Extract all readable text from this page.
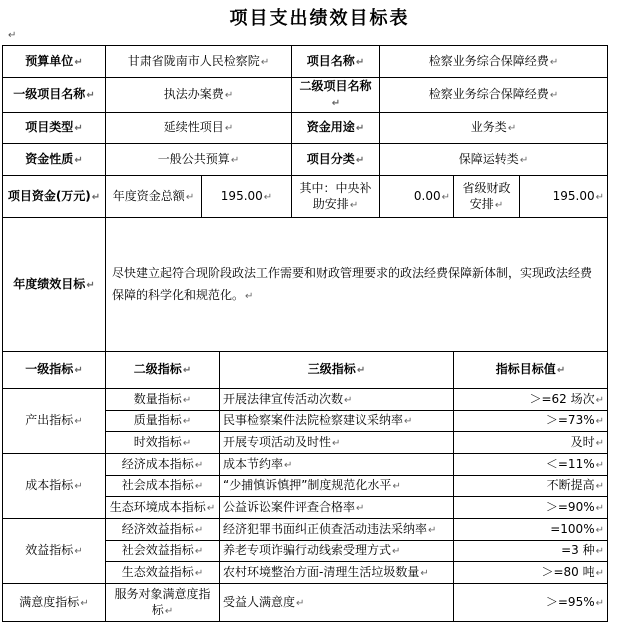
项目支出绩效目标表
↵
预算单位↵	甘肃省陇南市人民检察院↵			项目名称↵	检察业务综合保障经费↵		
一级项目名称↵	执法办案费↵			二级项目名称↵	检察业务综合保障经费↵		
项目类型↵	延续性项目↵			资金用途↵	业务类↵		
资金性质↵	一般公共预算↵			项目分类↵	保障运转类↵		
项目资金(万元)↵	年度资金总额↵	195.00↵		其中：中央补助安排↵	0.00↵	省级财政安排↵	195.00↵
年度绩效目标↵	尽快建立起符合现阶段政法工作需要和财政管理要求的政法经费保障新体制，实现政法经费保障的科学化和规范化。↵						
一级指标↵	二级指标↵		三级指标↵			指标目标值↵	
产出指标↵	数量指标↵		开展法律宣传活动次数↵			＞=62 场次↵	
	质量指标↵		民事检察案件法院检察建议采纳率↵			＞=73%↵	
	时效指标↵		开展专项活动及时性↵			及时↵	
成本指标↵	经济成本指标↵		成本节约率↵			＜=11%↵	
	社会成本指标↵		“少捕慎诉慎押”制度规范化水平↵			不断提高↵	
	生态环境成本指标↵		公益诉讼案件评查合格率↵			＞=90%↵	
效益指标↵	经济效益指标↵		经济犯罪书面纠正侦查活动违法采纳率↵			=100%↵	
	社会效益指标↵		养老专项诈骗行动线索受理方式↵			=3 种↵	
	生态效益指标↵		农村环境整治方面-清理生活垃圾数量↵			＞=80 吨↵	
满意度指标↵	服务对象满意度指标↵		受益人满意度↵			＞=95%↵	
